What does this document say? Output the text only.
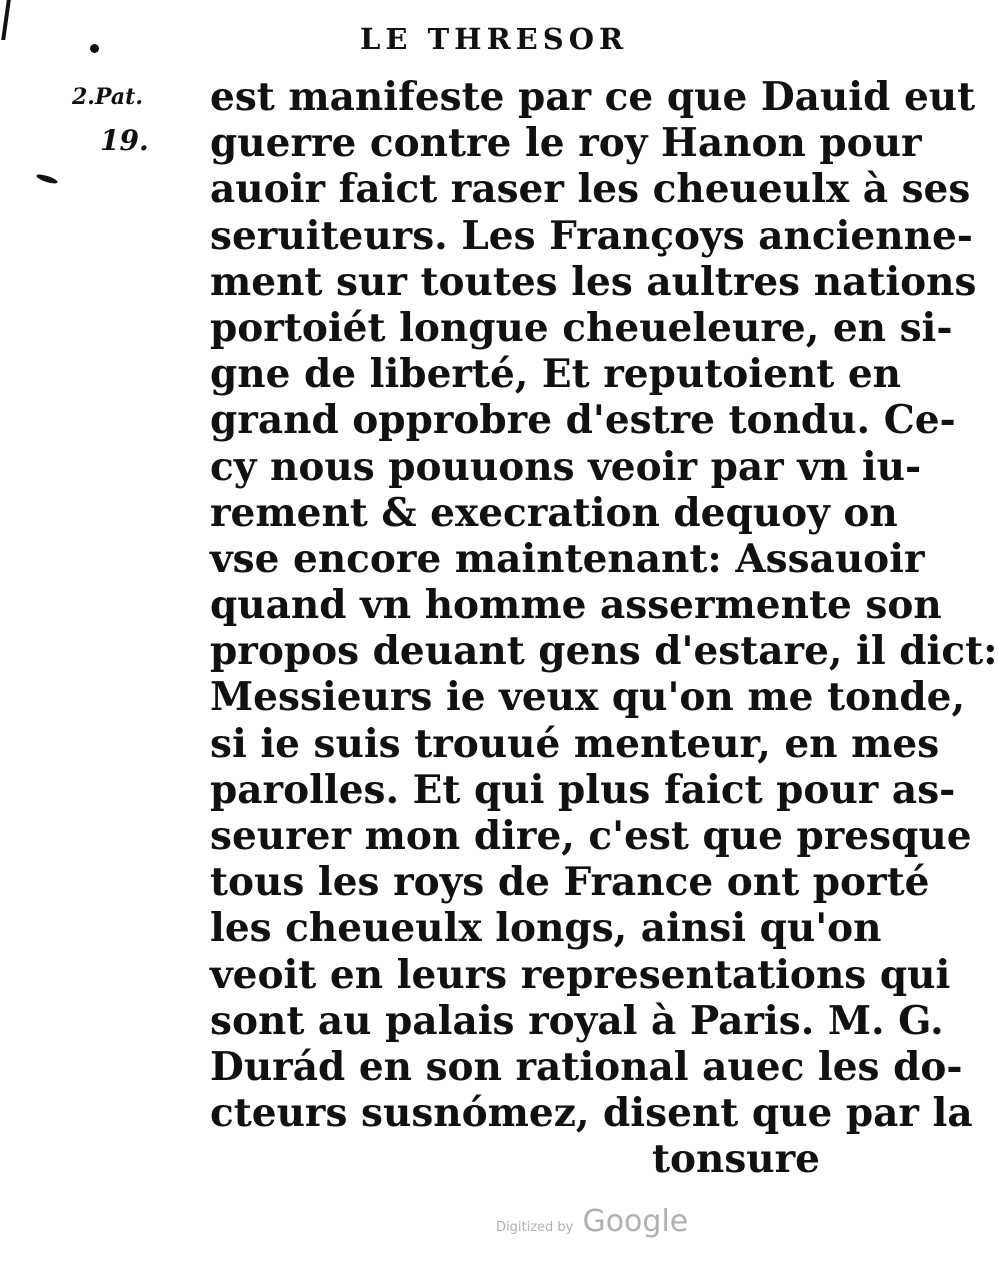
LE THRESOR
2.Pat.
19.
est manifeste par ce que Dauid eut
guerre contre le roy Hanon pour
auoir faict raser les cheueulx à ses
seruiteurs. Les Françoys ancienne-
ment sur toutes les aultres nations
portoiét longue cheueleure, en si-
gne de liberté, Et reputoient en
grand opprobre d'estre tondu. Ce-
cy nous pouuons veoir par vn iu-
rement & execration dequoy on
vse encore maintenant: Assauoir
quand vn homme assermente son
propos deuant gens d'estare, il dict:
Messieurs ie veux qu'on me tonde,
si ie suis trouué menteur, en mes
parolles. Et qui plus faict pour as-
seurer mon dire, c'est que presque
tous les roys de France ont porté
les cheueulx longs, ainsi qu'on
veoit en leurs representations qui
sont au palais royal à Paris. M. G.
Durád en son rational auec les do-
cteurs susnómez, disent que par la
tonsure
Digitized by Google
